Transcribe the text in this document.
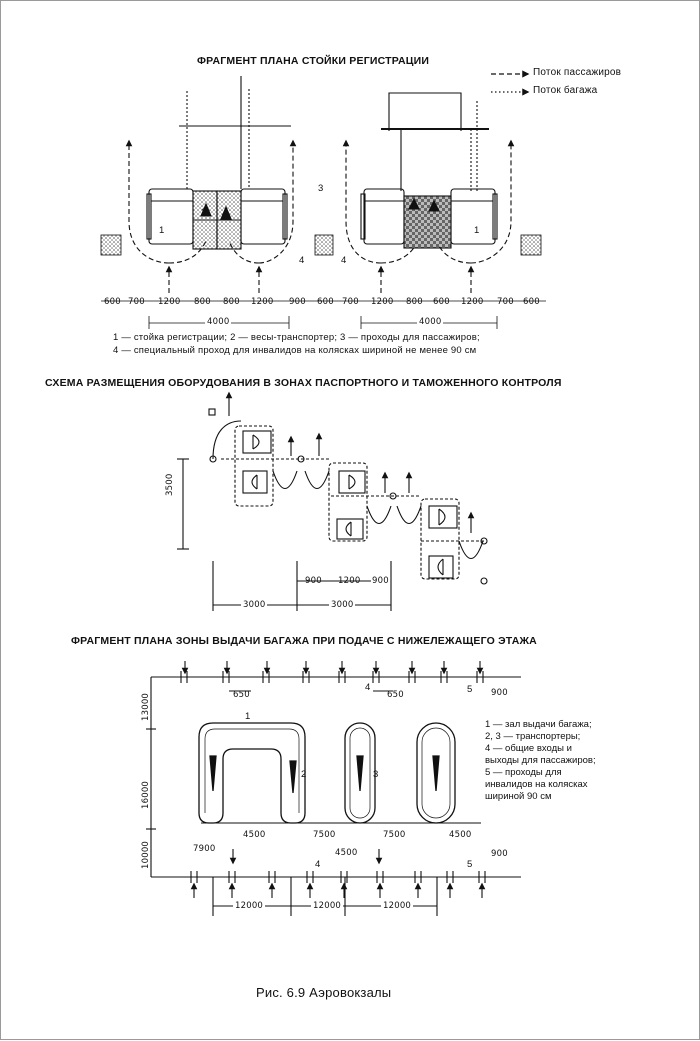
ФРАГМЕНТ ПЛАНА СТОЙКИ РЕГИСТРАЦИИ
Поток пассажиров
Поток багажа
1
2
3
4	4
1
600 700 1200 800 800 1200 900 600 700 1200 800 600 1200 700 600
4000	4000
1 — стойка регистрации; 2 — весы-транспортер; 3 — проходы для пассажиров;
4 — специальный проход для инвалидов на колясках шириной не менее 90 см
СХЕМА РАЗМЕЩЕНИЯ ОБОРУДОВАНИЯ В ЗОНАХ ПАСПОРТНОГО И ТАМОЖЕННОГО КОНТРОЛЯ
3500
900 1200 900
3000	3000
ФРАГМЕНТ ПЛАНА ЗОНЫ ВЫДАЧИ БАГАЖА ПРИ ПОДАЧЕ С НИЖЕЛЕЖАЩЕГО ЭТАЖА
650	650	900
13000
16000
10000
1
2	3
4
4
5
5
4500	7500	7500	4500
7900	4500	900
12000	12000	12000
1 — зал выдачи багажа;
2, 3 — транспортеры;
4 — общие входы и
выходы для пассажиров;
5 — проходы для
инвалидов на колясках
шириной 90 см
Рис. 6.9 Аэровокзалы
